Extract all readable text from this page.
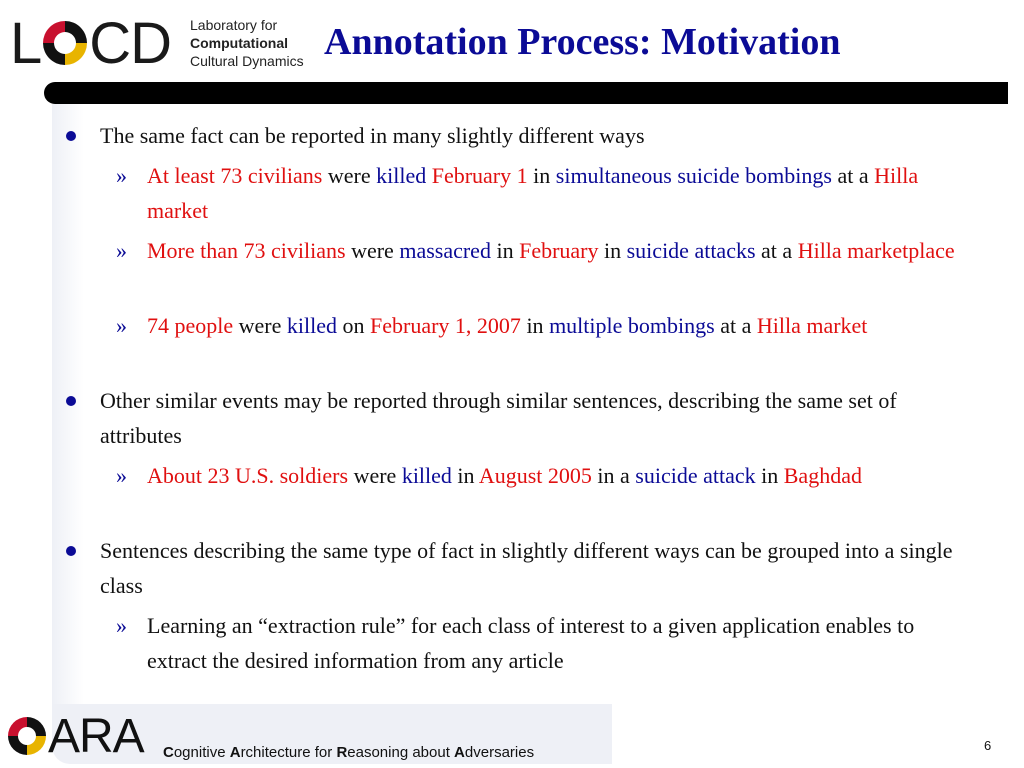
L C D Laboratory for
Computational
Cultural Dynamics Annotation Process: Motivation
The same fact can be reported in many slightly different ways
» At least 73 civilians were killed February 1 in simultaneous suicide bombings at a Hilla market
» More than 73 civilians were massacred in February in suicide attacks at a Hilla marketplace
» 74 people were killed on February 1, 2007 in multiple bombings at a Hilla market
Other similar events may be reported through similar sentences, describing the same set of attributes
» About 23 U.S. soldiers were killed in August 2005 in a suicide attack in Baghdad
Sentences describing the same type of fact in slightly different ways can be grouped into a single class
» Learning an “extraction rule” for each class of interest to a given application enables to extract the desired information from any article
ARA Cognitive Architecture for Reasoning about Adversaries	6
